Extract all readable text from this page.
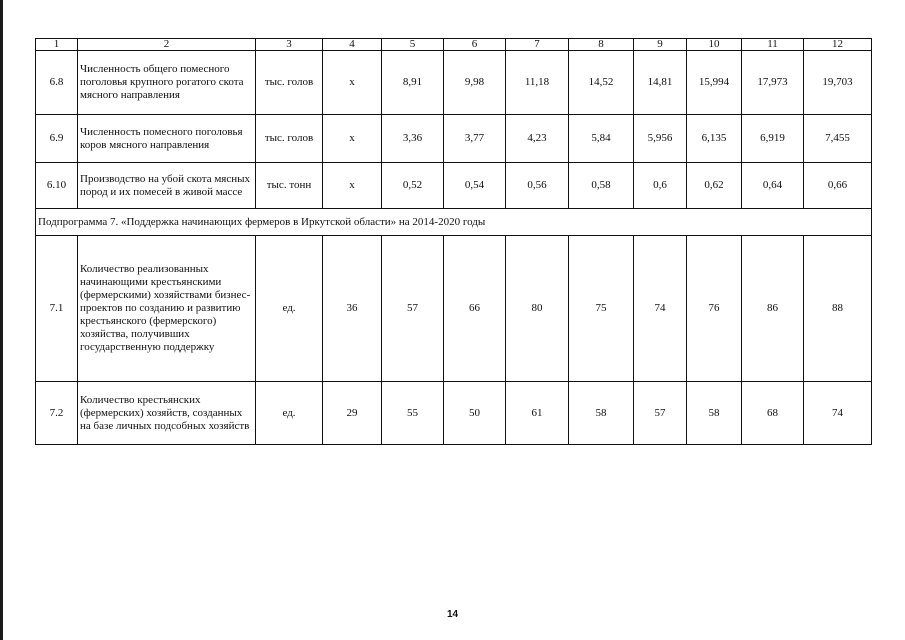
1	2	3	4	5	6	7	8	9	10	11	12
6.8	Численность общего помесного поголовья крупного рогатого скота мясного направления	тыс. голов	х	8,91	9,98	11,18	14,52	14,81	15,994	17,973	19,703
6.9	Численность помесного поголовья коров мясного направления	тыс. голов	х	3,36	3,77	4,23	5,84	5,956	6,135	6,919	7,455
6.10	Производство на убой скота мясных пород и их помесей в живой массе	тыс. тонн	х	0,52	0,54	0,56	0,58	0,6	0,62	0,64	0,66
Подпрограмма 7. «Поддержка начинающих фермеров в Иркутской области» на 2014-2020 годы											
7.1	Количество реализованных начинающими крестьянскими (фермерскими) хозяйствами бизнес-проектов по созданию и развитию крестьянского (фермерского) хозяйства, получивших государственную поддержку	ед.	36	57	66	80	75	74	76	86	88
7.2	Количество крестьянских (фермерских) хозяйств, созданных на базе личных подсобных хозяйств	ед.	29	55	50	61	58	57	58	68	74
14
